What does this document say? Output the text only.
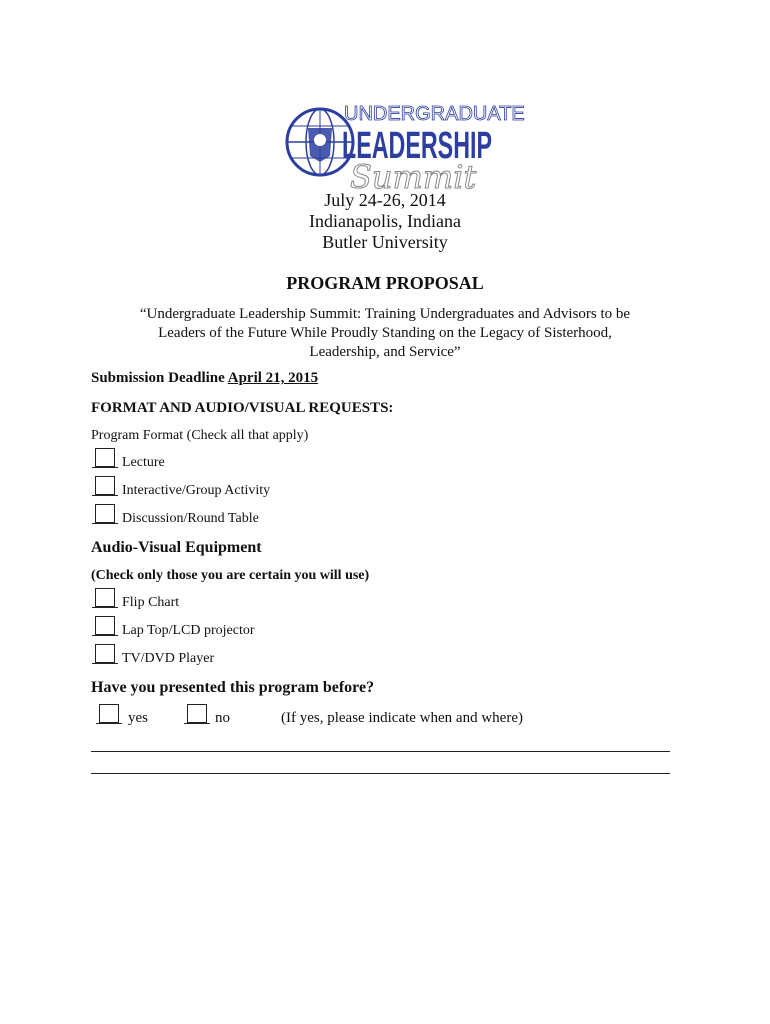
UNDERGRADUATE
LEADERSHIP
Summit
July 24-26, 2014
Indianapolis, Indiana
Butler University
PROGRAM PROPOSAL
“Undergraduate Leadership Summit: Training Undergraduates and Advisors to be
Leaders of the Future While Proudly Standing on the Legacy of Sisterhood,
Leadership, and Service”
Submission Deadline April 21, 2015
FORMAT AND AUDIO/VISUAL REQUESTS:
Program Format (Check all that apply)
Lecture
Interactive/Group Activity
Discussion/Round Table
Audio-Visual Equipment
(Check only those you are certain you will use)
Flip Chart
Lap Top/LCD projector
TV/DVD Player
Have you presented this program before?
yes	no	(If yes, please indicate when and where)
